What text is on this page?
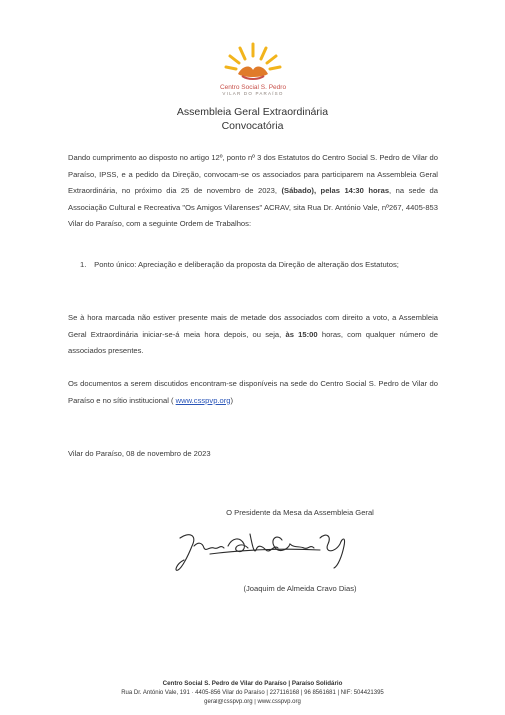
Centro Social S. Pedro
VILAR DO PARAÍSO
Assembleia Geral Extraordinária
Convocatória
Dando cumprimento ao disposto no artigo 12º, ponto nº 3 dos Estatutos do Centro Social S. Pedro de Vilar do Paraíso, IPSS, e a pedido da Direção, convocam-se os associados para participarem na Assembleia Geral Extraordinária, no próximo dia 25 de novembro de 2023, (Sábado), pelas 14:30 horas, na sede da Associação Cultural e Recreativa "Os Amigos Vilarenses" ACRAV, sita Rua Dr. António Vale, nº267, 4405-853 Vilar do Paraíso, com a seguinte Ordem de Trabalhos:
1. Ponto único: Apreciação e deliberação da proposta da Direção de alteração dos Estatutos;
Se à hora marcada não estiver presente mais de metade dos associados com direito a voto, a Assembleia Geral Extraordinária iniciar-se-á meia hora depois, ou seja, às 15:00 horas, com qualquer número de associados presentes.
Os documentos a serem discutidos encontram-se disponíveis na sede do Centro Social S. Pedro de Vilar do Paraíso e no sítio institucional ( www.csspvp.org)
Vilar do Paraíso, 08 de novembro de 2023
O Presidente da Mesa da Assembleia Geral
(Joaquim de Almeida Cravo Dias)
Centro Social S. Pedro de Vilar do Paraíso | Paraíso Solidário
Rua Dr. António Vale, 191 · 4405-856 Vilar do Paraíso | 227116168 | 96 8561681 | NIF: 504421395
geral@csspvp.org | www.csspvp.org
